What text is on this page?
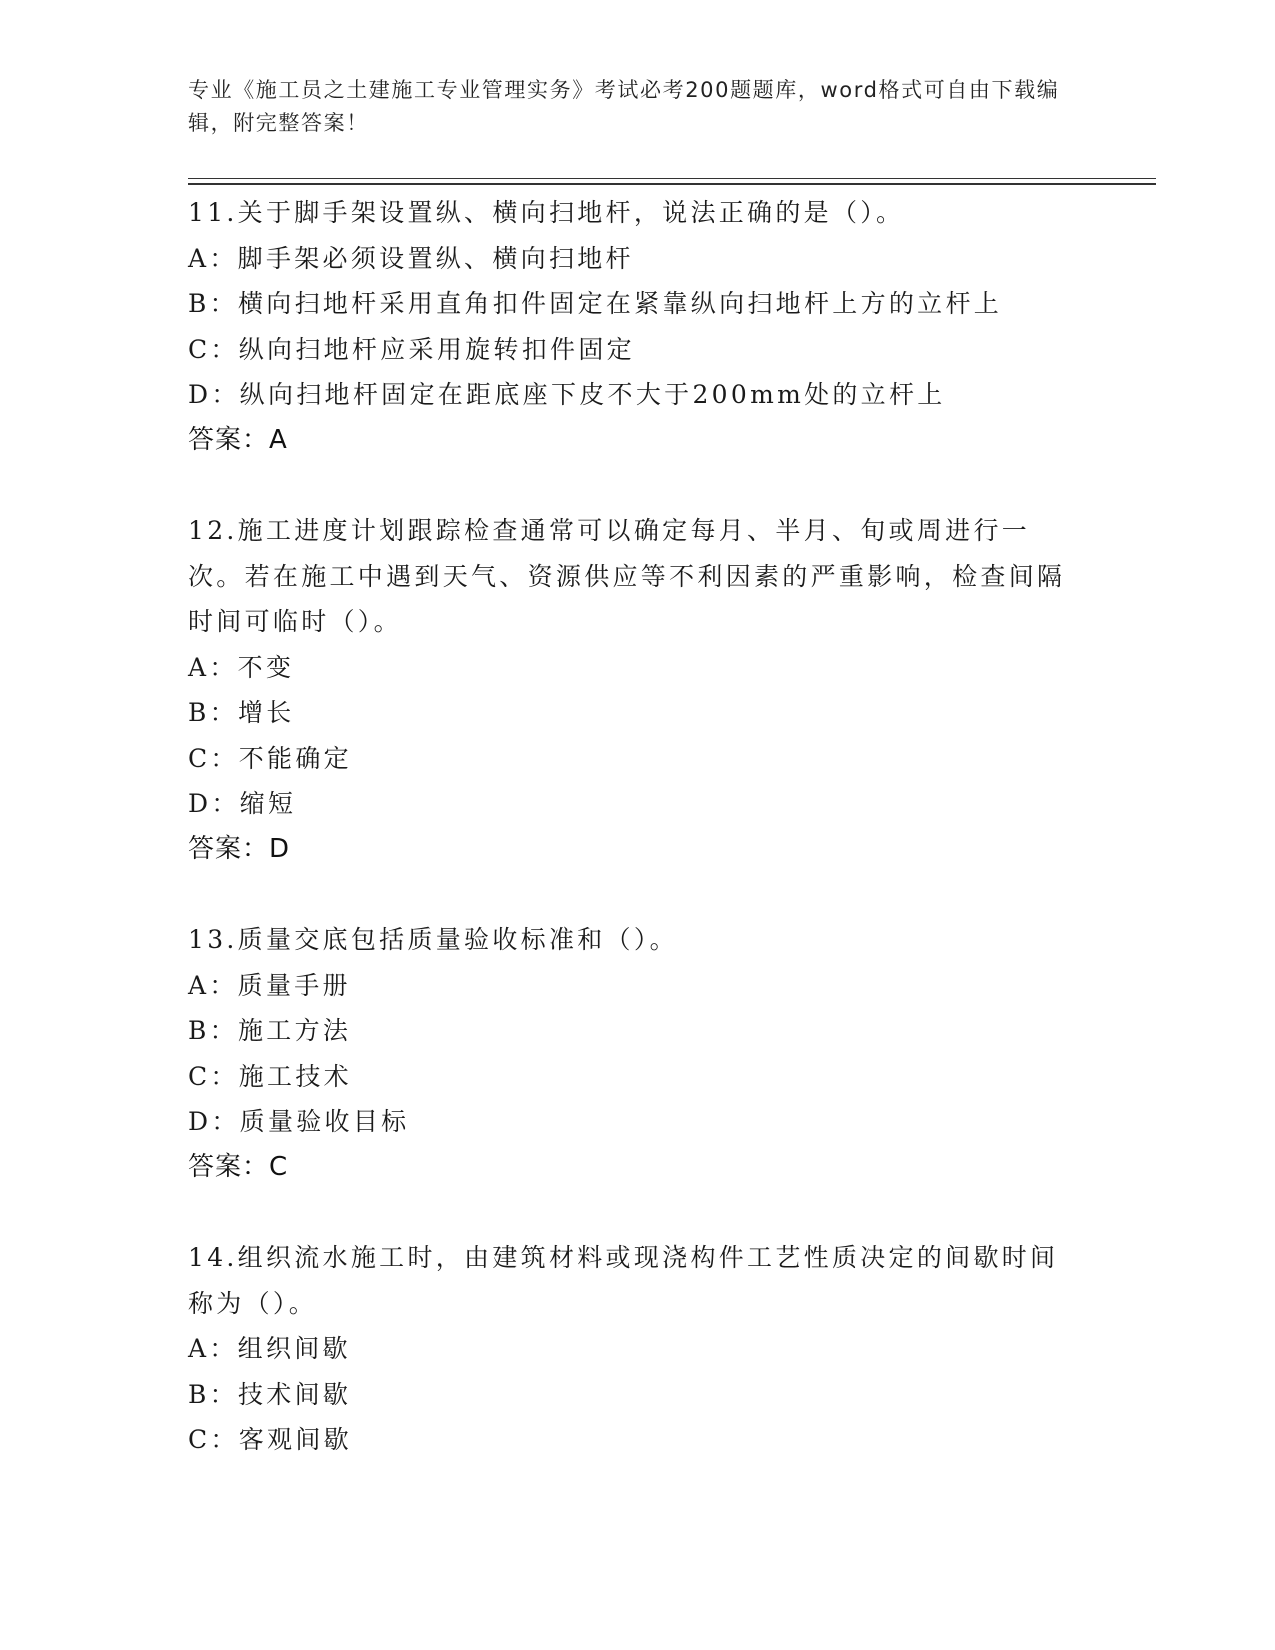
专业《施工员之土建施工专业管理实务》考试必考200题题库，word格式可自由下载编辑，附完整答案！
11.关于脚手架设置纵、横向扫地杆，说法正确的是（）。
A：脚手架必须设置纵、横向扫地杆
B：横向扫地杆采用直角扣件固定在紧靠纵向扫地杆上方的立杆上
C：纵向扫地杆应采用旋转扣件固定
D：纵向扫地杆固定在距底座下皮不大于200mm处的立杆上
答案：A
12.施工进度计划跟踪检查通常可以确定每月、半月、旬或周进行一次。若在施工中遇到天气、资源供应等不利因素的严重影响，检查间隔时间可临时（）。
A：不变
B：增长
C：不能确定
D：缩短
答案：D
13.质量交底包括质量验收标准和（）。
A：质量手册
B：施工方法
C：施工技术
D：质量验收目标
答案：C
14.组织流水施工时，由建筑材料或现浇构件工艺性质决定的间歇时间称为（）。
A：组织间歇
B：技术间歇
C：客观间歇
